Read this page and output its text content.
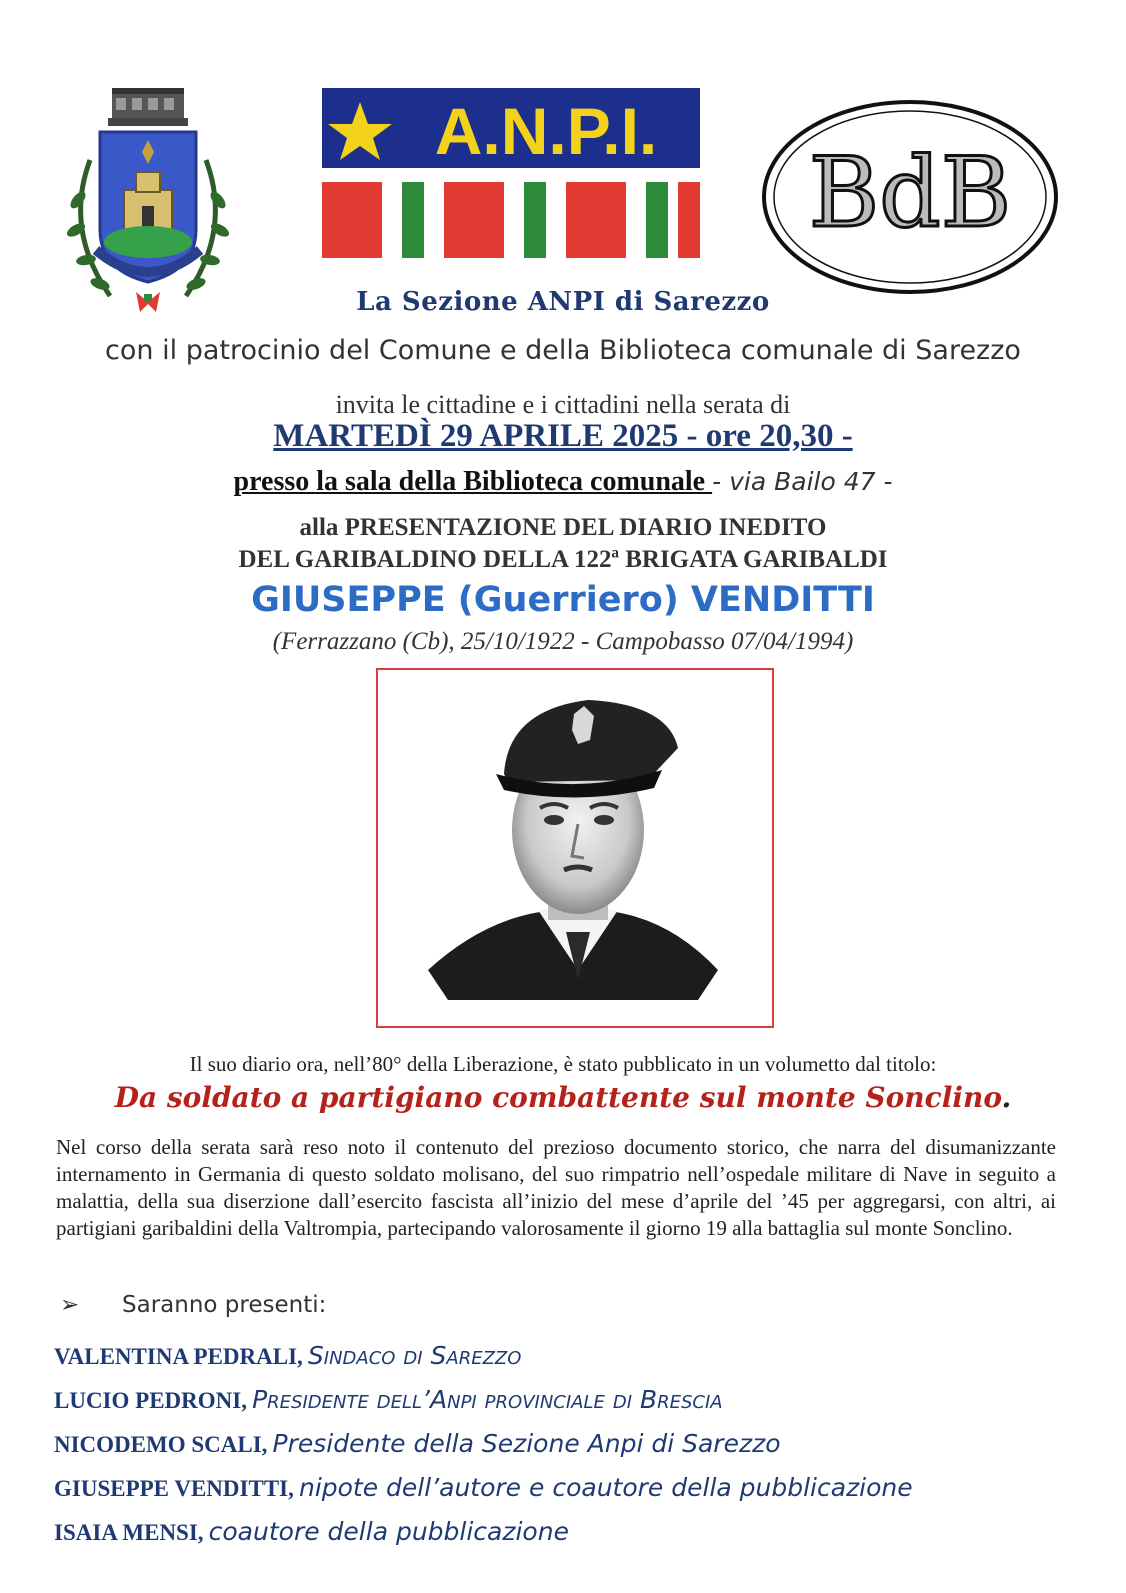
A.N.P.I.
BdB
La Sezione ANPI di Sarezzo
con il patrocinio del Comune e della Biblioteca comunale di Sarezzo
invita le cittadine e i cittadini nella serata di
MARTEDÌ 29 APRILE 2025 - ore 20,30 -
presso la sala della Biblioteca comunale - via Bailo 47 -
alla PRESENTAZIONE DEL DIARIO INEDITO
DEL GARIBALDINO DELLA 122ª BRIGATA GARIBALDI
GIUSEPPE (Guerriero) VENDITTI
(Ferrazzano (Cb), 25/10/1922 - Campobasso 07/04/1994)
Il suo diario ora, nell’80° della Liberazione, è stato pubblicato in un volumetto dal titolo:
Da soldato a partigiano combattente sul monte Sonclino.
Nel corso della serata sarà reso noto il contenuto del prezioso documento storico, che narra del disumanizzante internamento in Germania di questo soldato molisano, del suo rimpatrio nell’ospedale militare di Nave in seguito a malattia, della sua diserzione dall’esercito fascista all’inizio del mese d’aprile del ’45 per aggregarsi, con altri, ai partigiani garibaldini della Valtrompia, partecipando valorosamente il giorno 19 alla battaglia sul monte Sonclino.
➢ Saranno presenti:
VALENTINA PEDRALI, Sindaco di Sarezzo
LUCIO PEDRONI, Presidente dell’Anpi provinciale di Brescia
NICODEMO SCALI, Presidente della Sezione Anpi di Sarezzo
GIUSEPPE VENDITTI, nipote dell’autore e coautore della pubblicazione
ISAIA MENSI, coautore della pubblicazione
